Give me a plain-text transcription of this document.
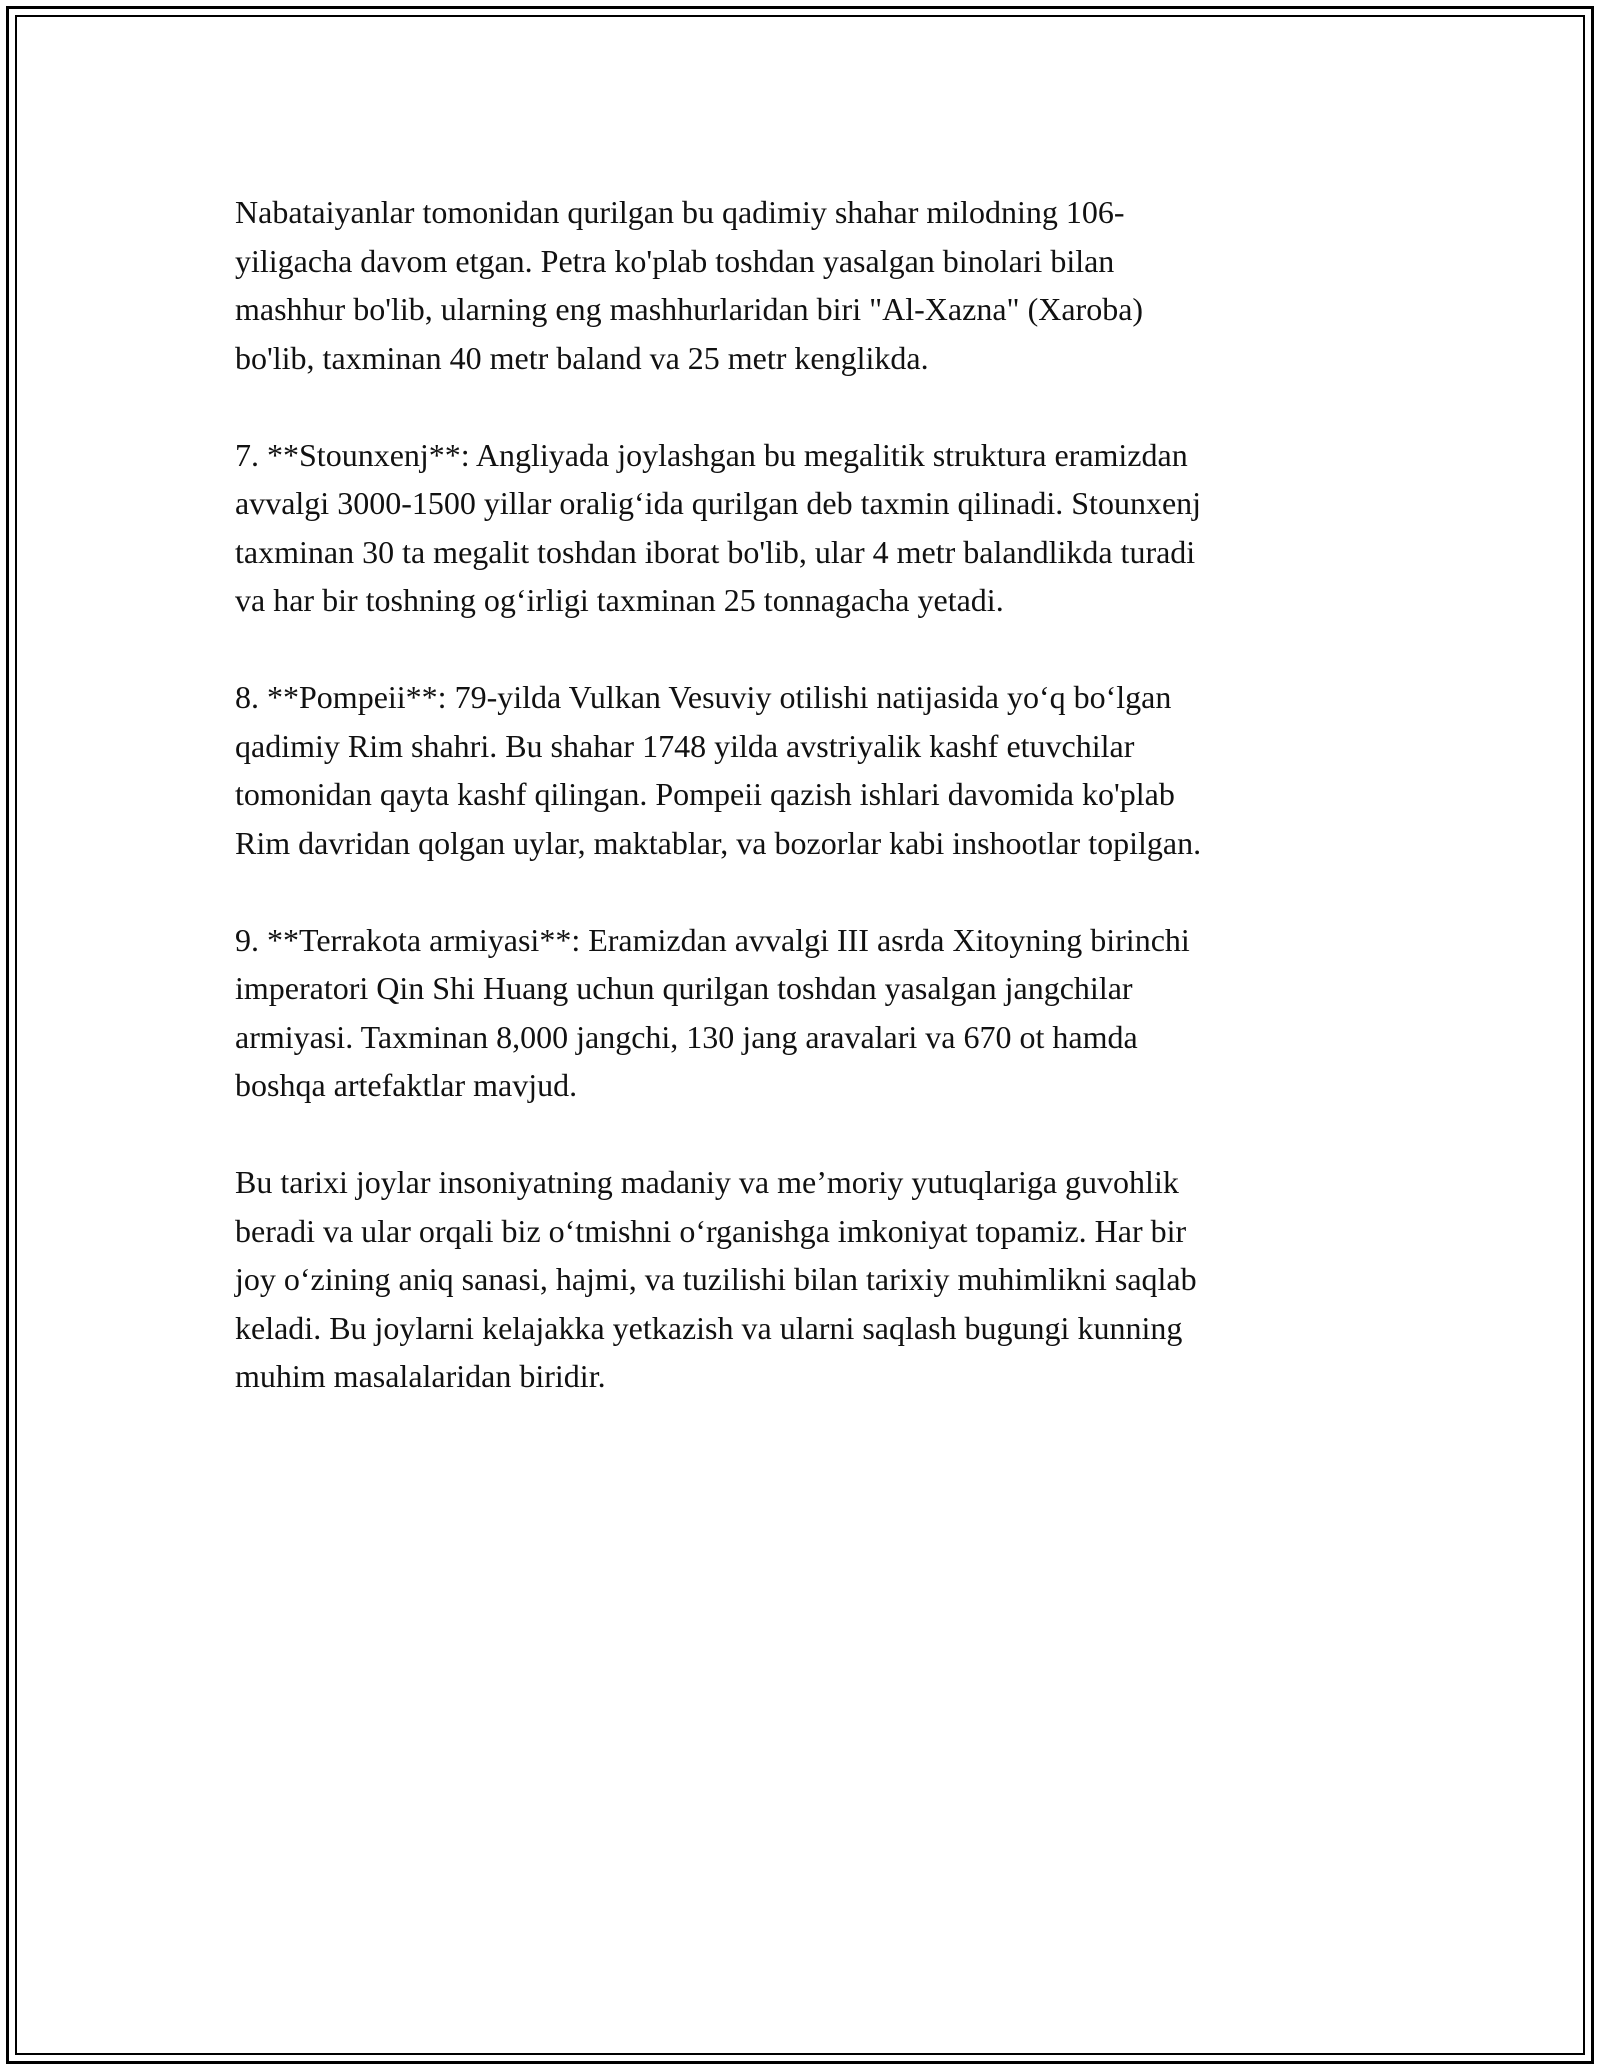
Nabataiyanlar tomonidan qurilgan bu qadimiy shahar milodning 106-
yiligacha davom etgan. Petra ko'plab toshdan yasalgan binolari bilan
mashhur bo'lib, ularning eng mashhurlaridan biri "Al-Xazna" (Xaroba)
bo'lib, taxminan 40 metr baland va 25 metr kenglikda.

7. **Stounxenj**: Angliyada joylashgan bu megalitik struktura eramizdan
avvalgi 3000-1500 yillar oralig‘ida qurilgan deb taxmin qilinadi. Stounxenj
taxminan 30 ta megalit toshdan iborat bo'lib, ular 4 metr balandlikda turadi
va har bir toshning og‘irligi taxminan 25 tonnagacha yetadi.

8. **Pompeii**: 79-yilda Vulkan Vesuviy otilishi natijasida yo‘q bo‘lgan
qadimiy Rim shahri. Bu shahar 1748 yilda avstriyalik kashf etuvchilar
tomonidan qayta kashf qilingan. Pompeii qazish ishlari davomida ko'plab
Rim davridan qolgan uylar, maktablar, va bozorlar kabi inshootlar topilgan.

9. **Terrakota armiyasi**: Eramizdan avvalgi III asrda Xitoyning birinchi
imperatori Qin Shi Huang uchun qurilgan toshdan yasalgan jangchilar
armiyasi. Taxminan 8,000 jangchi, 130 jang aravalari va 670 ot hamda
boshqa artefaktlar mavjud.

Bu tarixi joylar insoniyatning madaniy va me’moriy yutuqlariga guvohlik
beradi va ular orqali biz o‘tmishni o‘rganishga imkoniyat topamiz. Har bir
joy o‘zining aniq sanasi, hajmi, va tuzilishi bilan tarixiy muhimlikni saqlab
keladi. Bu joylarni kelajakka yetkazish va ularni saqlash bugungi kunning
muhim masalalaridan biridir.
